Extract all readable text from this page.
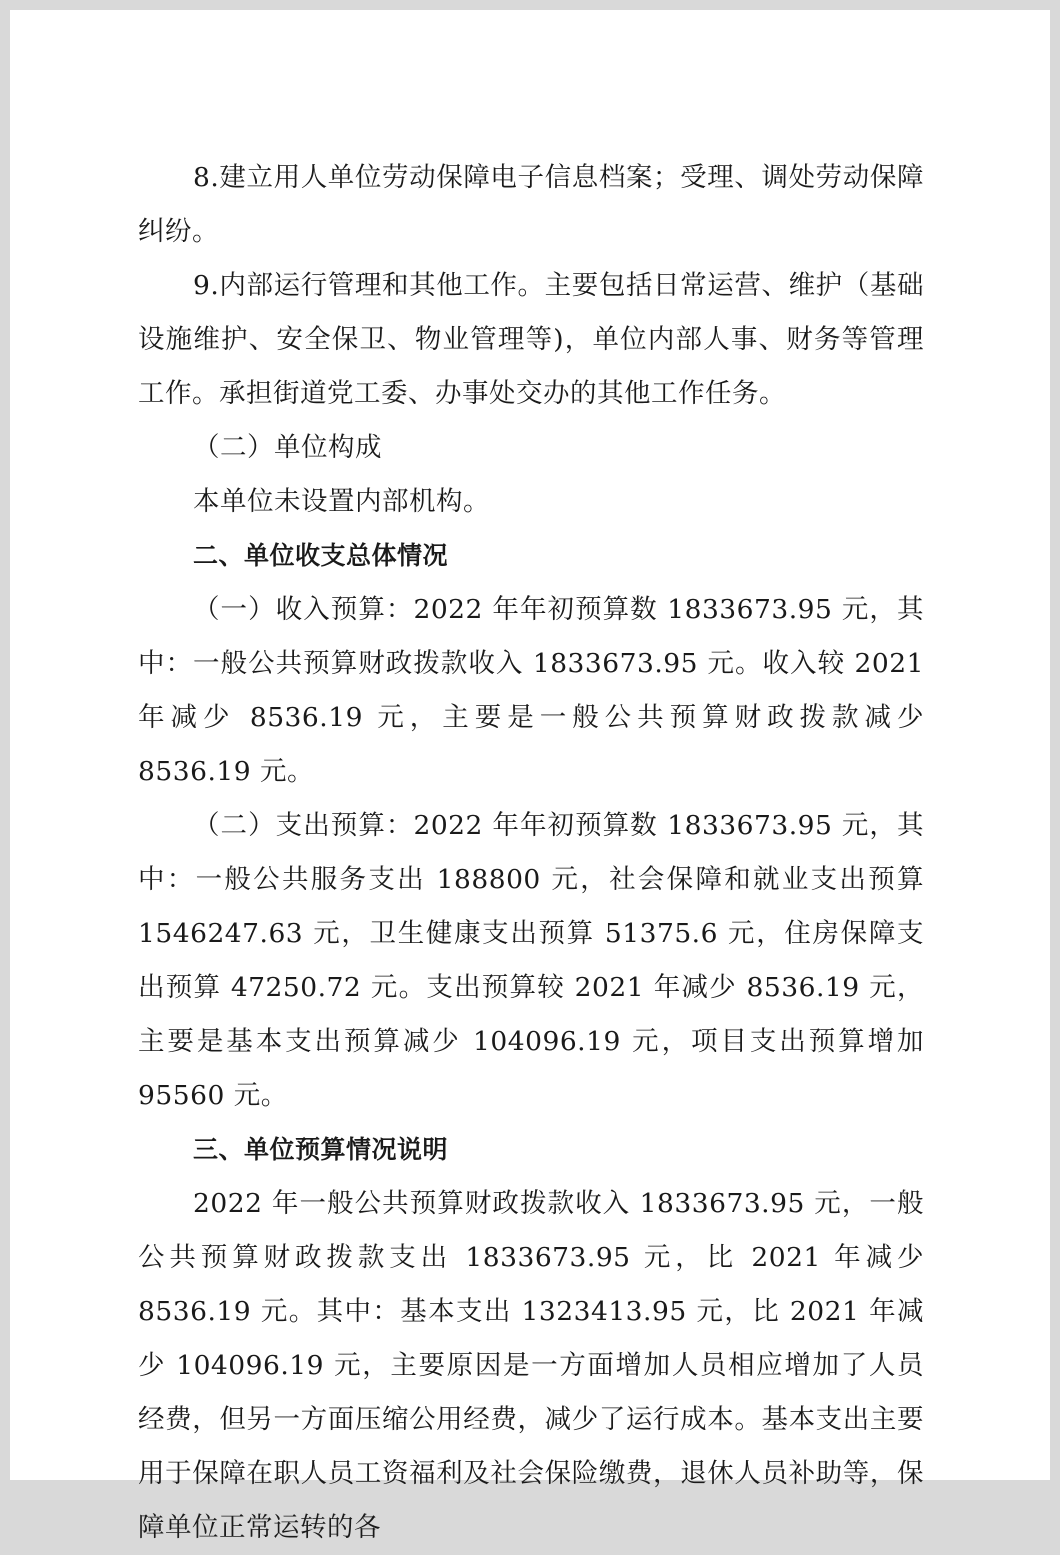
8.建立用人单位劳动保障电子信息档案；受理、调处劳动保障纠纷。

9.内部运行管理和其他工作。主要包括日常运营、维护（基础设施维护、安全保卫、物业管理等)，单位内部人事、财务等管理工作。承担街道党工委、办事处交办的其他工作任务。

（二）单位构成

本单位未设置内部机构。

二、单位收支总体情况

（一）收入预算：2022 年年初预算数 1833673.95 元，其中：一般公共预算财政拨款收入 1833673.95 元。收入较 2021 年减少 8536.19 元，主要是一般公共预算财政拨款减少 8536.19 元。

（二）支出预算：2022 年年初预算数 1833673.95 元，其中：一般公共服务支出 188800 元，社会保障和就业支出预算 1546247.63 元，卫生健康支出预算 51375.6 元，住房保障支出预算 47250.72 元。支出预算较 2021 年减少 8536.19 元，主要是基本支出预算减少 104096.19 元，项目支出预算增加 95560 元。

三、单位预算情况说明

2022 年一般公共预算财政拨款收入 1833673.95 元，一般公共预算财政拨款支出 1833673.95 元，比 2021 年减少 8536.19 元。其中：基本支出 1323413.95 元，比 2021 年减少 104096.19 元，主要原因是一方面增加人员相应增加了人员经费，但另一方面压缩公用经费，减少了运行成本。基本支出主要用于保障在职人员工资福利及社会保险缴费，退休人员补助等，保障单位正常运转的各
